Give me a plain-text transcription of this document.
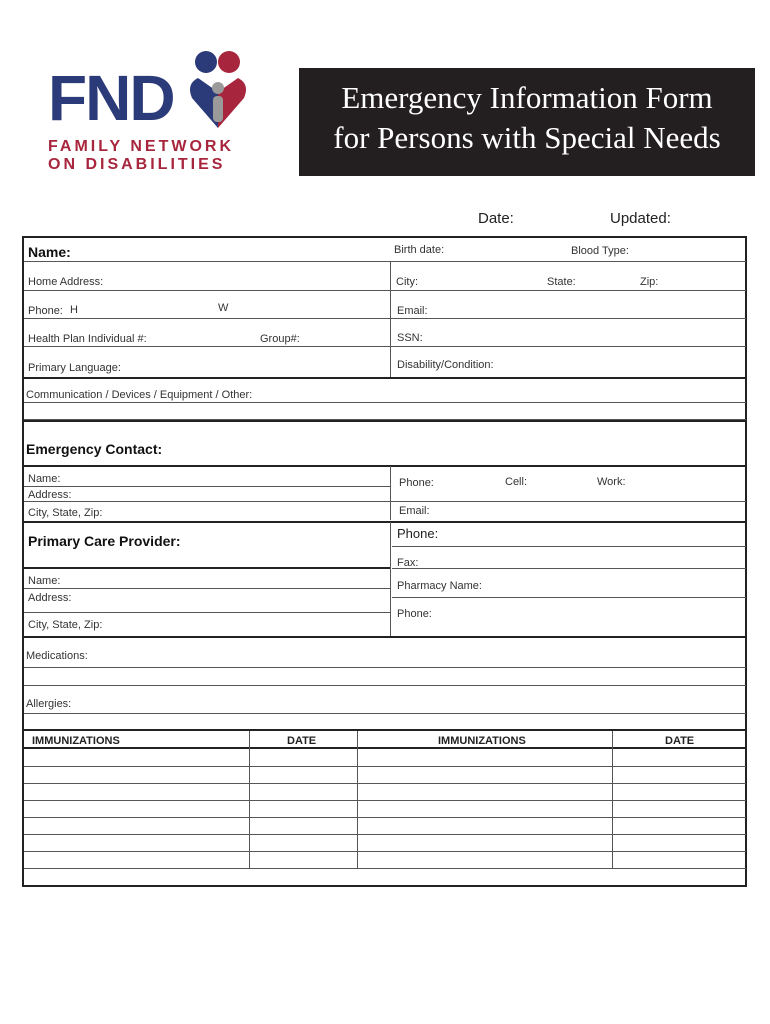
FND
FAMILY NETWORK
ON DISABILITIES
Emergency Information Form
for Persons with Special Needs
Date:	Updated:
Name:	Birth date:	Blood Type:
Home Address:	City:	State:	Zip:
Phone: H	W	Email:
Health Plan Individual #:	Group#:	SSN:
Primary Language:	Disability/Condition:
Communication / Devices / Equipment / Other:
Emergency Contact:
Name:	Phone:	Cell:	Work:
Address:
City, State, Zip:	Email:
Primary Care Provider:	Phone:
Fax:
Name:	Pharmacy Name:
Address:
Phone:
City, State, Zip:
Medications:
Allergies:
IMMUNIZATIONS	DATE	IMMUNIZATIONS	DATE
